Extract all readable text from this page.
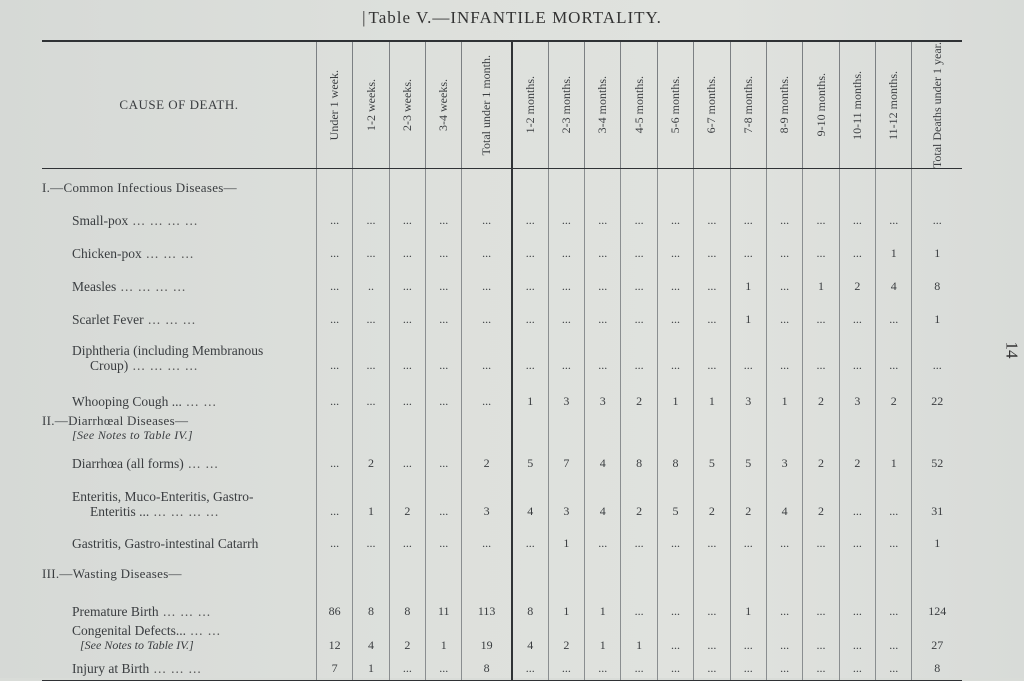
| Table V.—INFANTILE MORTALITY.
14
CAUSE OF DEATH.	Under 1 week.	1-2 weeks.	2-3 weeks.	3-4 weeks.	Total under 1 month.	1-2 months.	2-3 months.	3-4 months.	4-5 months.	5-6 months.	6-7 months.	7-8 months.	8-9 months.	9-10 months.	10-11 months.	11-12 months.	Total Deaths under 1 year.

I.—Common Infectious Diseases—																	
Small-pox ... ... ... ...	...	...	...	...	...	...	...	...	...	...	...	...	...	...	...	...	...
Chicken-pox ... ... ...	...	...	...	...	...	...	...	...	...	...	...	...	...	...	...	1	1
Measles ... ... ... ...	...	..	...	...	...	...	...	...	...	...	...	1	...	1	2	4	8
Scarlet Fever ... ... ...	...	...	...	...	...	...	...	...	...	...	...	1	...	...	...	...	1
Diphtheria (including Membranous
Croup) ... ... ... ...	...	...	...	...	...	...	...	...	...	...	...	...	...	...	...	...	...
Whooping Cough ... ... ...	...	...	...	...	...	1	3	3	2	1	1	3	1	2	3	2	22
II.—Diarrhœal Diseases—
[See Notes to Table IV.]																	

Diarrhœa (all forms) ... ...	...	2	...	...	2	5	7	4	8	8	5	5	3	2	2	1	52
Enteritis, Muco-Enteritis, Gastro-
Enteritis ... ... ... ... ...	...	1	2	...	3	4	3	4	2	5	2	2	4	2	...	...	31
Gastritis, Gastro-intestinal Catarrh	...	...	...	...	...	...	1	...	...	...	...	...	...	...	...	...	1
III.—Wasting Diseases—																	
Premature Birth ... ... ...	86	8	8	11	113	8	1	1	...	...	...	1	...	...	...	...	124
Congenital Defects... ... ...
[See Notes to Table IV.]	12	4	2	1	19	4	2	1	1	...	...	...	...	...	...	...	27
Injury at Birth ... ... ...	7	1	...	...	8	...	...	...	...	...	...	...	...	...	...	...	8
